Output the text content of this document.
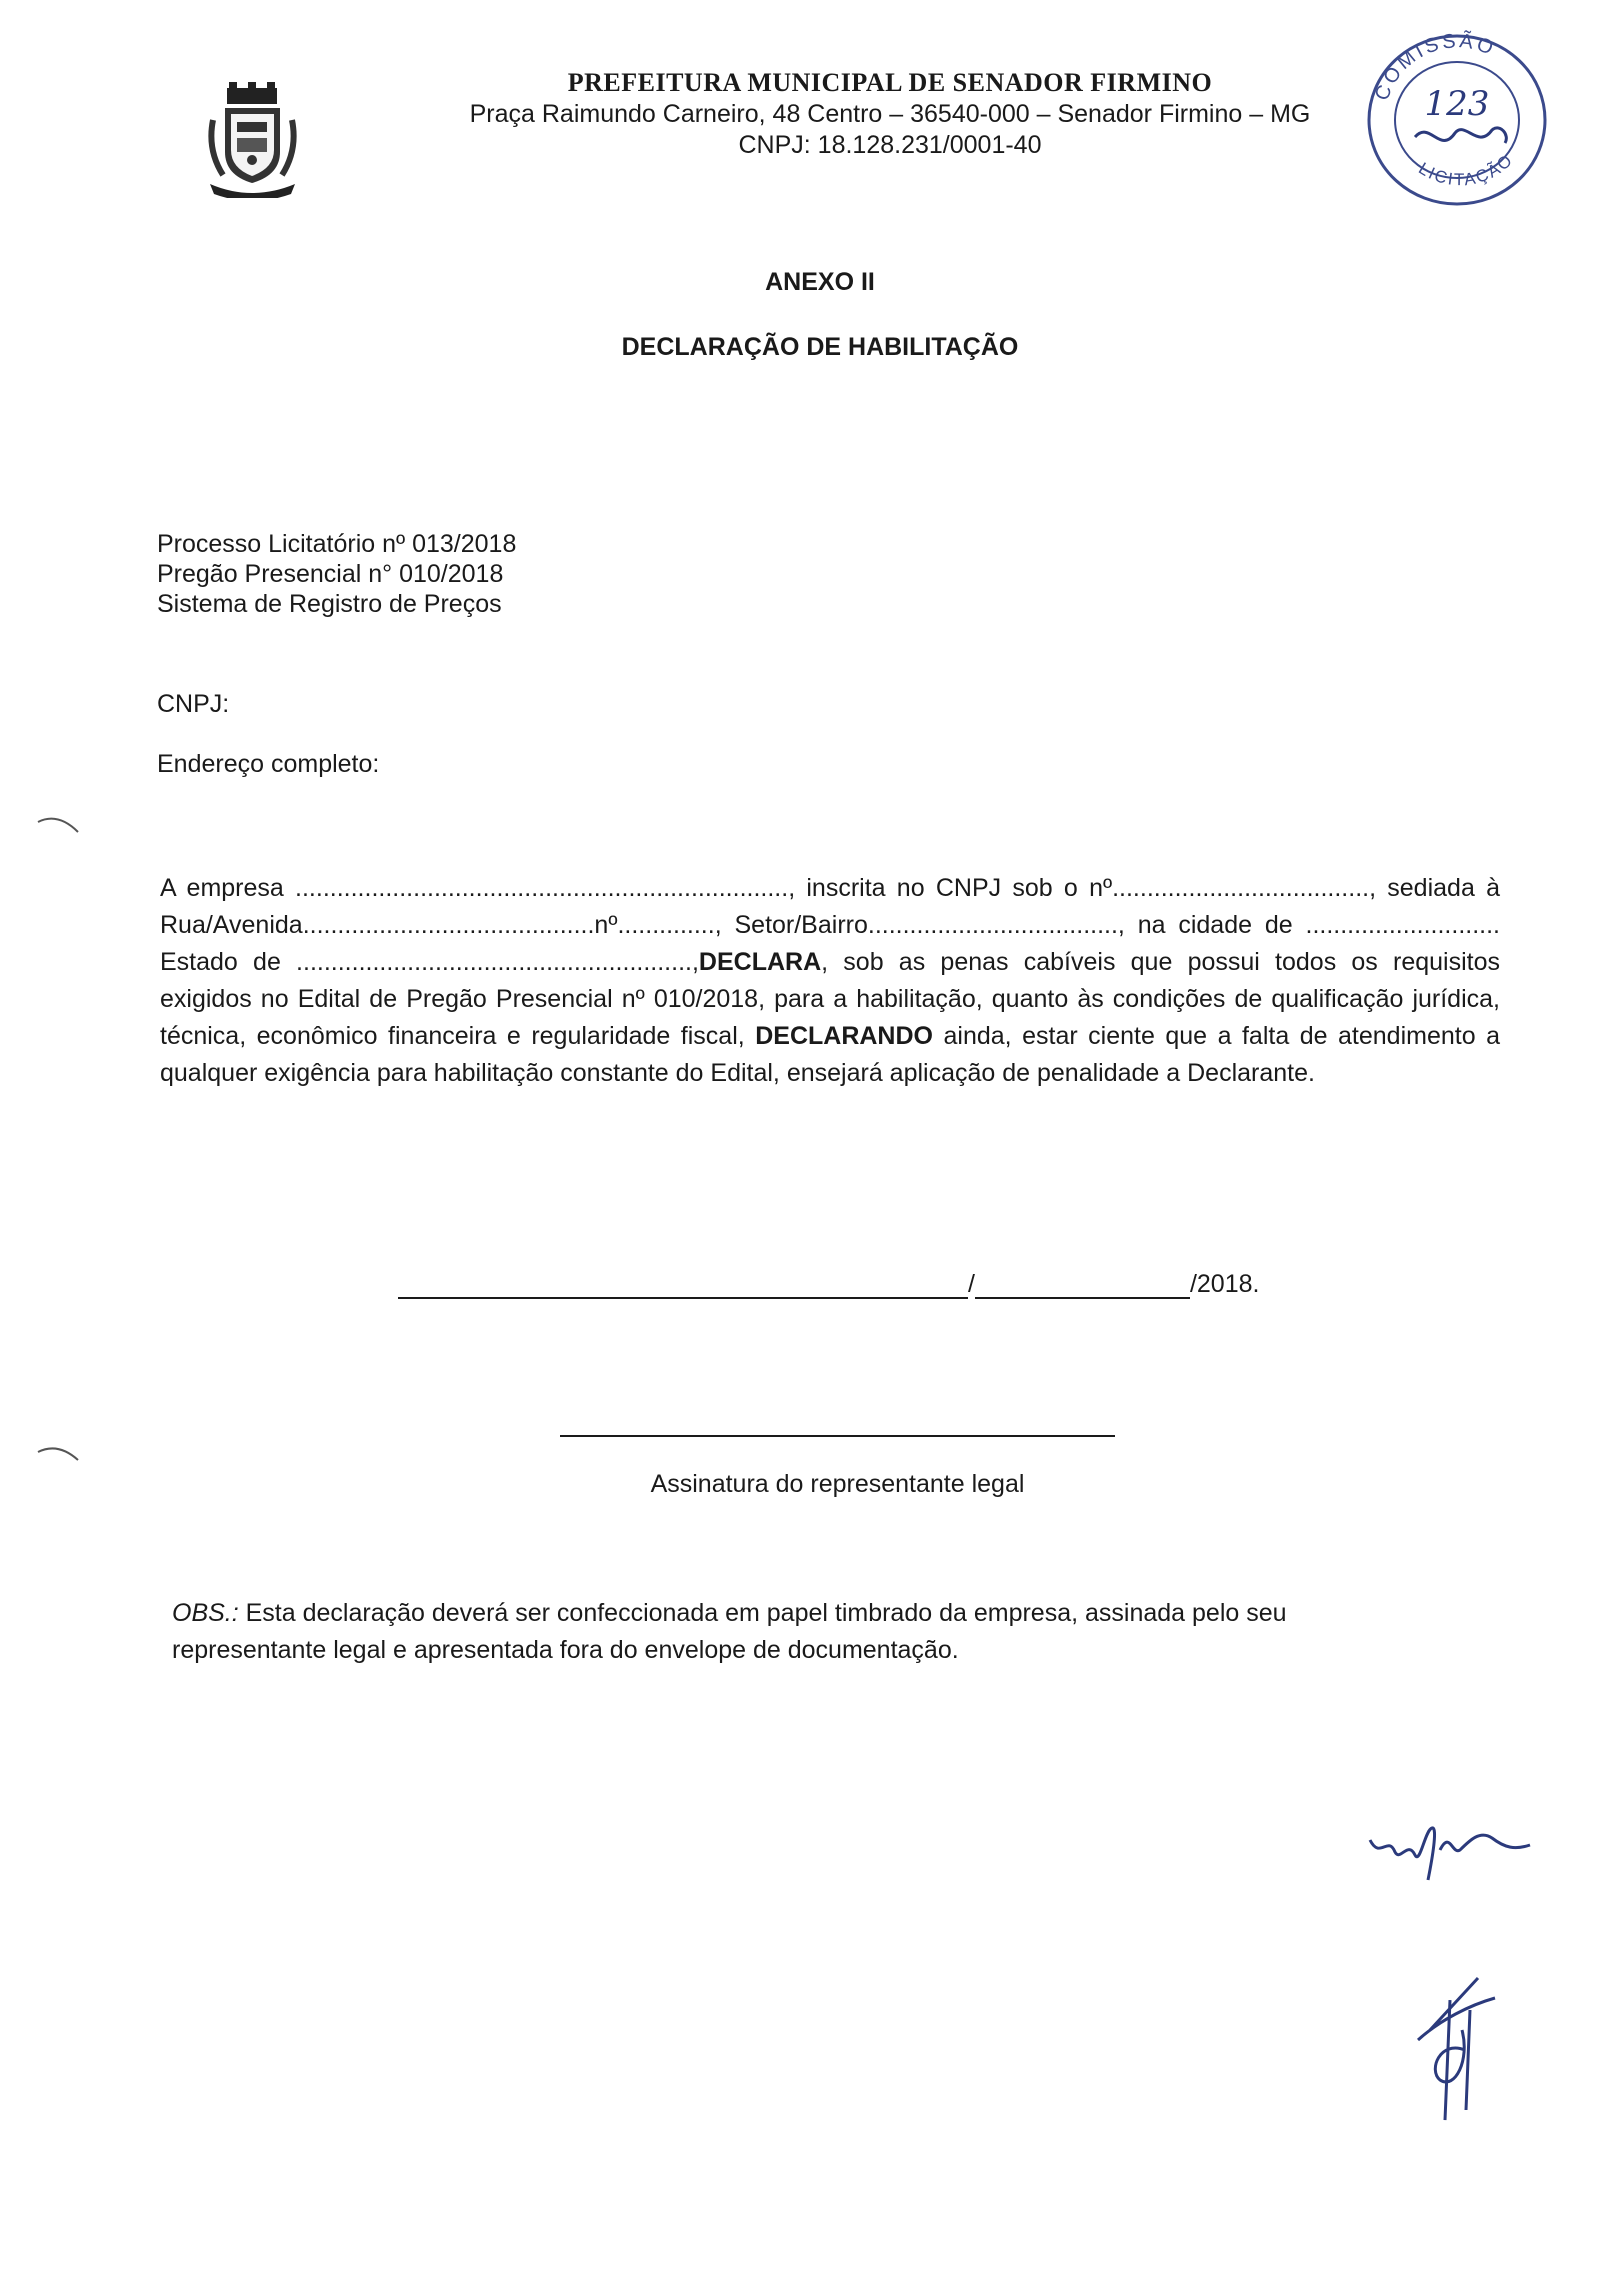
PREFEITURA MUNICIPAL DE SENADOR FIRMINO
Praça Raimundo Carneiro, 48 Centro – 36540-000 – Senador Firmino – MG
CNPJ: 18.128.231/0001-40
COMISSÃO
LICITAÇÃO
123
ANEXO II
DECLARAÇÃO DE HABILITAÇÃO
Processo Licitatório nº 013/2018
Pregão Presencial n° 010/2018
Sistema de Registro de Preços
CNPJ:
Endereço completo:
A empresa ......................................................................., inscrita no CNPJ sob o nº....................................., sediada à Rua/Avenida..........................................nº.............., Setor/Bairro...................................., na cidade de ............................ Estado de .........................................................,DECLARA, sob as penas cabíveis que possui todos os requisitos exigidos no Edital de Pregão Presencial nº 010/2018, para a habilitação, quanto às condições de qualificação jurídica, técnica, econômico financeira e regularidade fiscal, DECLARANDO ainda, estar ciente que a falta de atendimento a qualquer exigência para habilitação constante do Edital, ensejará aplicação de penalidade a Declarante.
/	/2018.
Assinatura do representante legal
OBS.: Esta declaração deverá ser confeccionada em papel timbrado da empresa, assinada pelo seu representante legal e apresentada fora do envelope de documentação.
